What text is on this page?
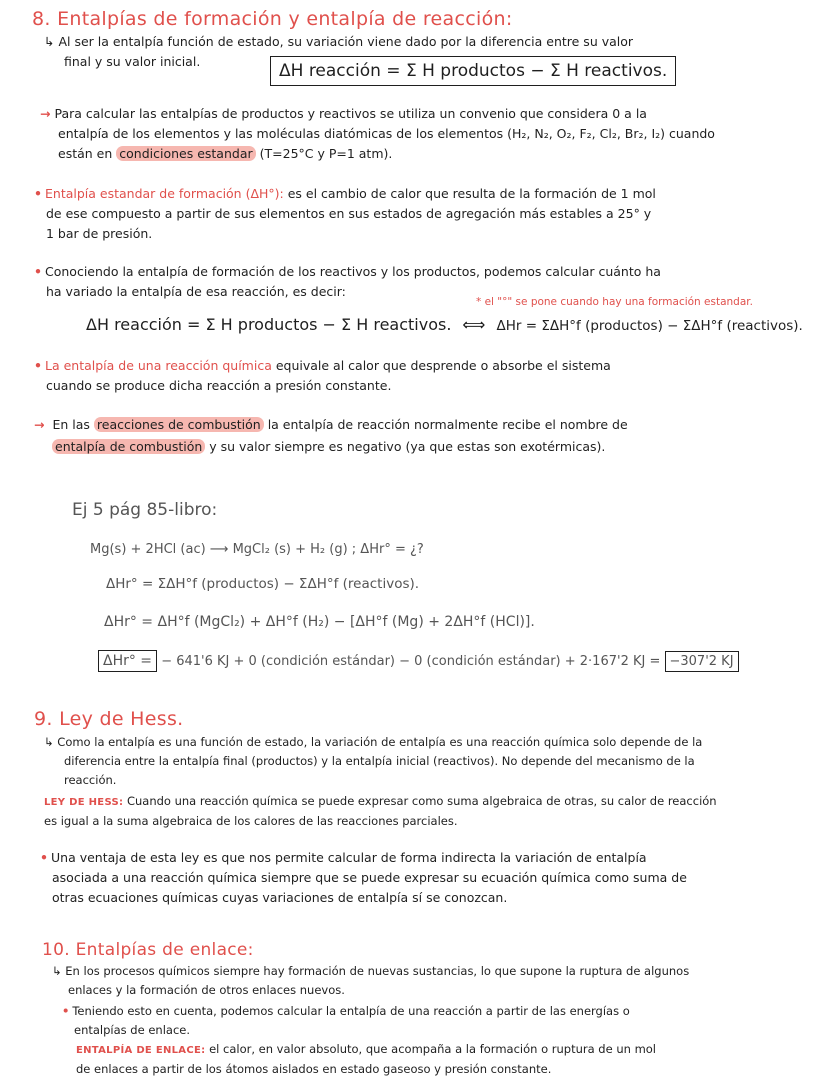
8. Entalpías de formación y entalpía de reacción:
↳ Al ser la entalpía función de estado, su variación viene dado por la diferencia entre su valor
final y su valor inicial.	ΔH reacción = Σ H productos − Σ H reactivos.
→ Para calcular las entalpías de productos y reactivos se utiliza un convenio que considera 0 a la
entalpía de los elementos y las moléculas diatómicas de los elementos (H₂, N₂, O₂, F₂, Cl₂, Br₂, I₂) cuando
están en condiciones estandar (T=25°C y P=1 atm).
• Entalpía estandar de formación (ΔH°): es el cambio de calor que resulta de la formación de 1 mol
de ese compuesto a partir de sus elementos en sus estados de agregación más estables a 25° y
1 bar de presión.
• Conociendo la entalpía de formación de los reactivos y los productos, podemos calcular cuánto ha
ha variado la entalpía de esa reacción, es decir:
* el "°" se pone cuando hay una formación estandar.
ΔH reacción = Σ H productos − Σ H reactivos. ⟺ ΔHr = ΣΔH°f (productos) − ΣΔH°f (reactivos).
• La entalpía de una reacción química equivale al calor que desprende o absorbe el sistema
cuando se produce dicha reacción a presión constante.
→ En las reacciones de combustión la entalpía de reacción normalmente recibe el nombre de
entalpía de combustión y su valor siempre es negativo (ya que estas son exotérmicas).
Ej 5 pág 85-libro:
Mg(s) + 2HCl (ac) ⟶ MgCl₂ (s) + H₂ (g) ; ΔHr° = ¿?
ΔHr° = ΣΔH°f (productos) − ΣΔH°f (reactivos).
ΔHr° = ΔH°f (MgCl₂) + ΔH°f (H₂) − [ΔH°f (Mg) + 2ΔH°f (HCl)].
ΔHr° = − 641'6 KJ + 0 (condición estándar) − 0 (condición estándar) + 2·167'2 KJ = −307'2 KJ
9. Ley de Hess.
↳ Como la entalpía es una función de estado, la variación de entalpía es una reacción química solo depende de la
diferencia entre la entalpía final (productos) y la entalpía inicial (reactivos). No depende del mecanismo de la
reacción.
LEY DE HESS: Cuando una reacción química se puede expresar como suma algebraica de otras, su calor de reacción
es igual a la suma algebraica de los calores de las reacciones parciales.
• Una ventaja de esta ley es que nos permite calcular de forma indirecta la variación de entalpía
asociada a una reacción química siempre que se puede expresar su ecuación química como suma de
otras ecuaciones químicas cuyas variaciones de entalpía sí se conozcan.
10. Entalpías de enlace:
↳ En los procesos químicos siempre hay formación de nuevas sustancias, lo que supone la ruptura de algunos
enlaces y la formación de otros enlaces nuevos.
• Teniendo esto en cuenta, podemos calcular la entalpía de una reacción a partir de las energías o
entalpías de enlace.
ENTALPÍA DE ENLACE: el calor, en valor absoluto, que acompaña a la formación o ruptura de un mol
de enlaces a partir de los átomos aislados en estado gaseoso y presión constante.
